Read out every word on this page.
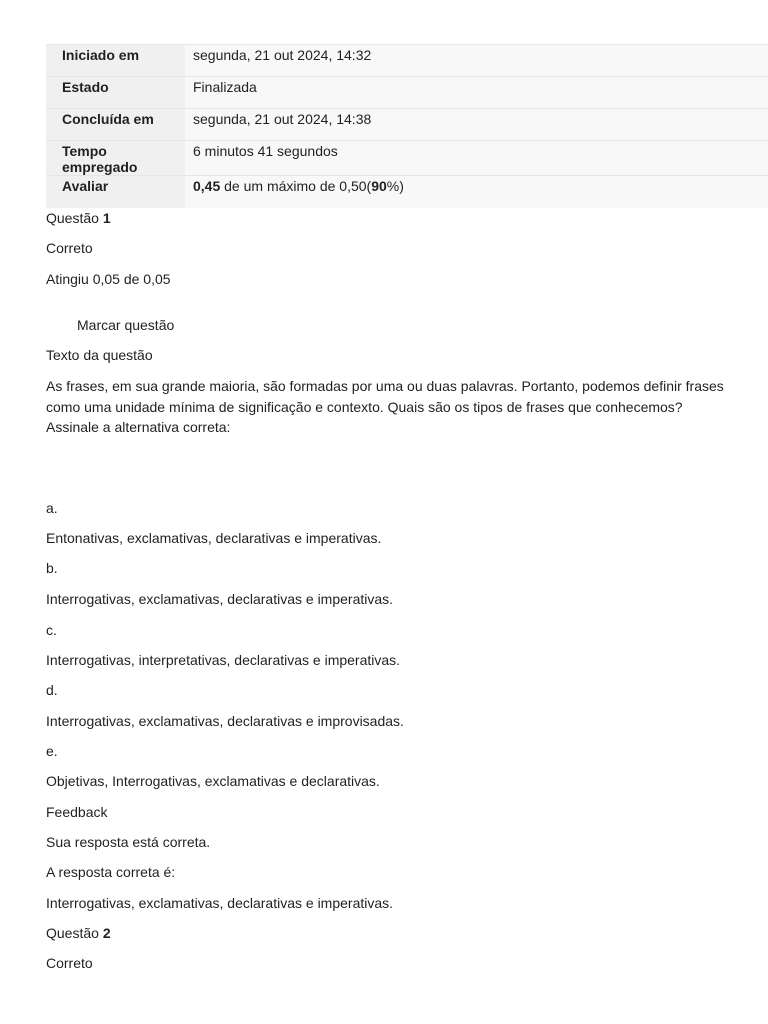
Iniciado em	segunda, 21 out 2024, 14:32
Estado	Finalizada
Concluída em	segunda, 21 out 2024, 14:38
Tempo empregado	6 minutos 41 segundos
Avaliar	0,45 de um máximo de 0,50(90%)

Questão 1

Correto

Atingiu 0,05 de 0,05

Marcar questão

Texto da questão

As frases, em sua grande maioria, são formadas por uma ou duas palavras. Portanto, podemos definir frases como uma unidade mínima de significação e contexto. Quais são os tipos de frases que conhecemos? Assinale a alternativa correta:

a.

Entonativas, exclamativas, declarativas e imperativas.

b.

Interrogativas, exclamativas, declarativas e imperativas.

c.

Interrogativas, interpretativas, declarativas e imperativas.

d.

Interrogativas, exclamativas, declarativas e improvisadas.

e.

Objetivas, Interrogativas, exclamativas e declarativas.

Feedback

Sua resposta está correta.

A resposta correta é:

Interrogativas, exclamativas, declarativas e imperativas.

Questão 2

Correto
